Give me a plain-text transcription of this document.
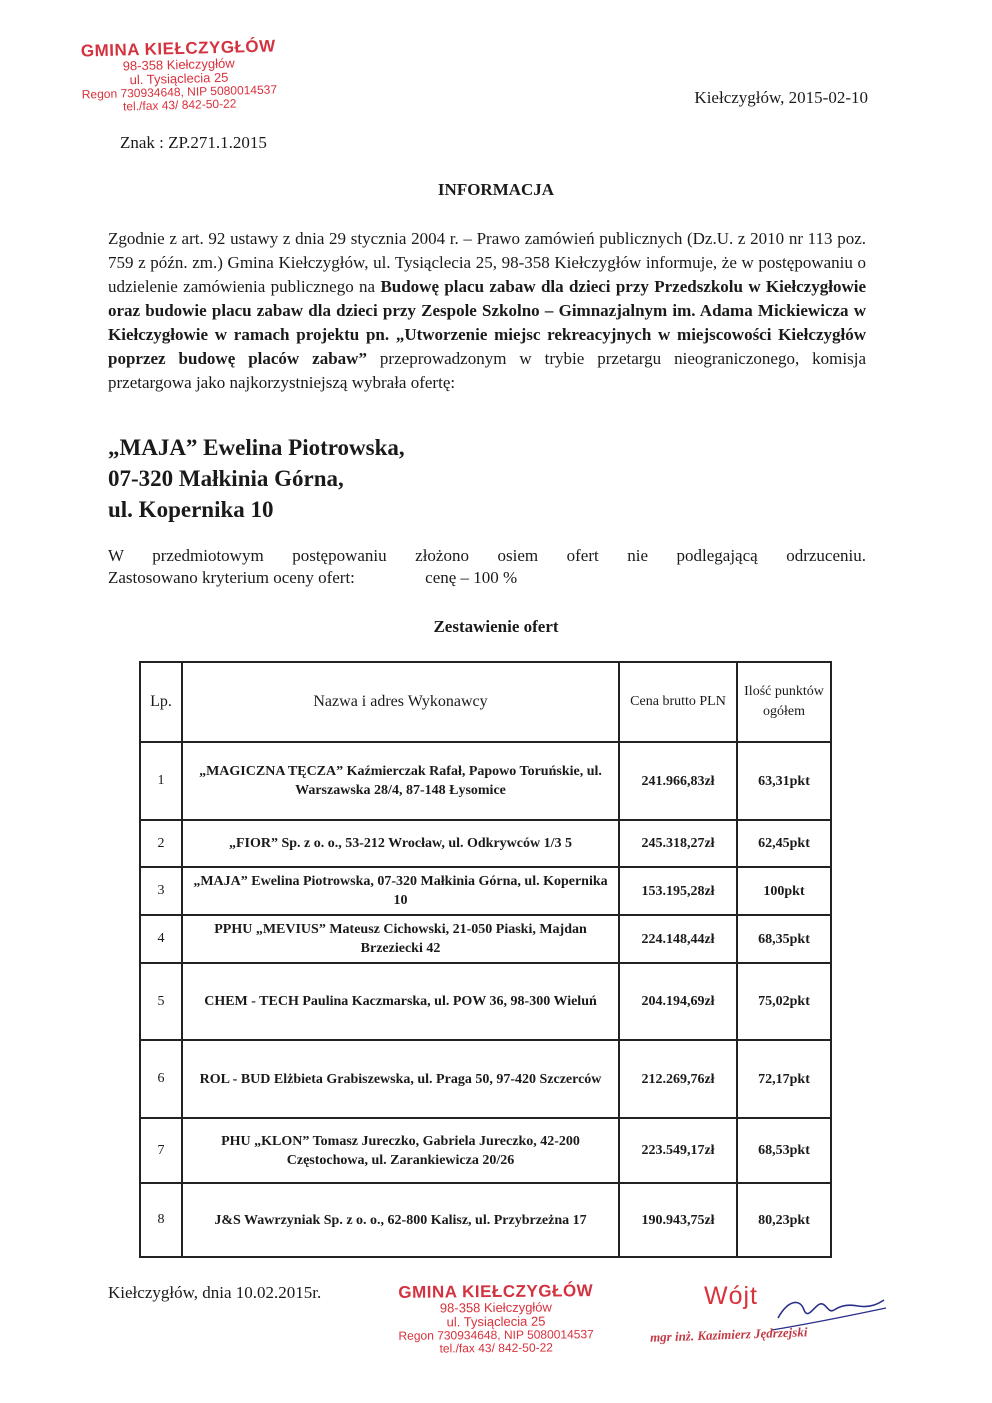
GMINA KIEŁCZYGŁÓW
98-358 Kiełczygłów
ul. Tysiąclecia 25
Regon 730934648, NIP 5080014537
tel./fax 43/ 842-50-22	Kiełczygłów, 2015-02-10
Znak : ZP.271.1.2015
INFORMACJA
Zgodnie z art. 92 ustawy z dnia 29 stycznia 2004 r. – Prawo zamówień publicznych (Dz.U. z 2010 nr 113 poz. 759 z późn. zm.) Gmina Kiełczygłów, ul. Tysiąclecia 25, 98-358 Kiełczygłów informuje, że w postępowaniu o udzielenie zamówienia publicznego na Budowę placu zabaw dla dzieci przy Przedszkolu w Kiełczygłowie oraz budowie placu zabaw dla dzieci przy Zespole Szkolno – Gimnazjalnym im. Adama Mickiewicza w Kiełczygłowie w ramach projektu pn. „Utworzenie miejsc rekreacyjnych w miejscowości Kiełczygłów poprzez budowę placów zabaw” przeprowadzonym w trybie przetargu nieograniczonego, komisja przetargowa jako najkorzystniejszą wybrała ofertę:
„MAJA” Ewelina Piotrowska,
07-320 Małkinia Górna,
ul. Kopernika 10
W przedmiotowym postępowaniu złożono osiem ofert nie podlegającą odrzuceniu.
Zastosowano kryterium oceny ofert:	cenę – 100 %
Zestawienie ofert
Lp.	Nazwa i adres Wykonawcy	Cena brutto PLN	Ilość punktów ogółem
1	„MAGICZNA TĘCZA” Kaźmierczak Rafał, Papowo Toruńskie, ul. Warszawska 28/4, 87-148 Łysomice	241.966,83zł	63,31pkt
2	„FIOR” Sp. z o. o., 53-212 Wrocław, ul. Odkrywców 1/3 5	245.318,27zł	62,45pkt
3	„MAJA” Ewelina Piotrowska, 07-320 Małkinia Górna, ul. Kopernika 10	153.195,28zł	100pkt
4	PPHU „MEVIUS” Mateusz Cichowski, 21-050 Piaski, Majdan Brzeziecki 42	224.148,44zł	68,35pkt
5	CHEM - TECH Paulina Kaczmarska, ul. POW 36, 98-300 Wieluń	204.194,69zł	75,02pkt
6	ROL - BUD Elżbieta Grabiszewska, ul. Praga 50, 97-420 Szczerców	212.269,76zł	72,17pkt
7	PHU „KLON” Tomasz Jureczko, Gabriela Jureczko, 42-200 Częstochowa, ul. Zarankiewicza 20/26	223.549,17zł	68,53pkt
8	J&S Wawrzyniak Sp. z o. o., 62-800 Kalisz, ul. Przybrzeżna 17	190.943,75zł	80,23pkt
Kiełczygłów, dnia 10.02.2015r.	GMINA KIEŁCZYGŁÓW
98-358 Kiełczygłów
ul. Tysiąclecia 25
Regon 730934648, NIP 5080014537
tel./fax 43/ 842-50-22
Wójt
mgr inż. Kazimierz Jędrzejski
